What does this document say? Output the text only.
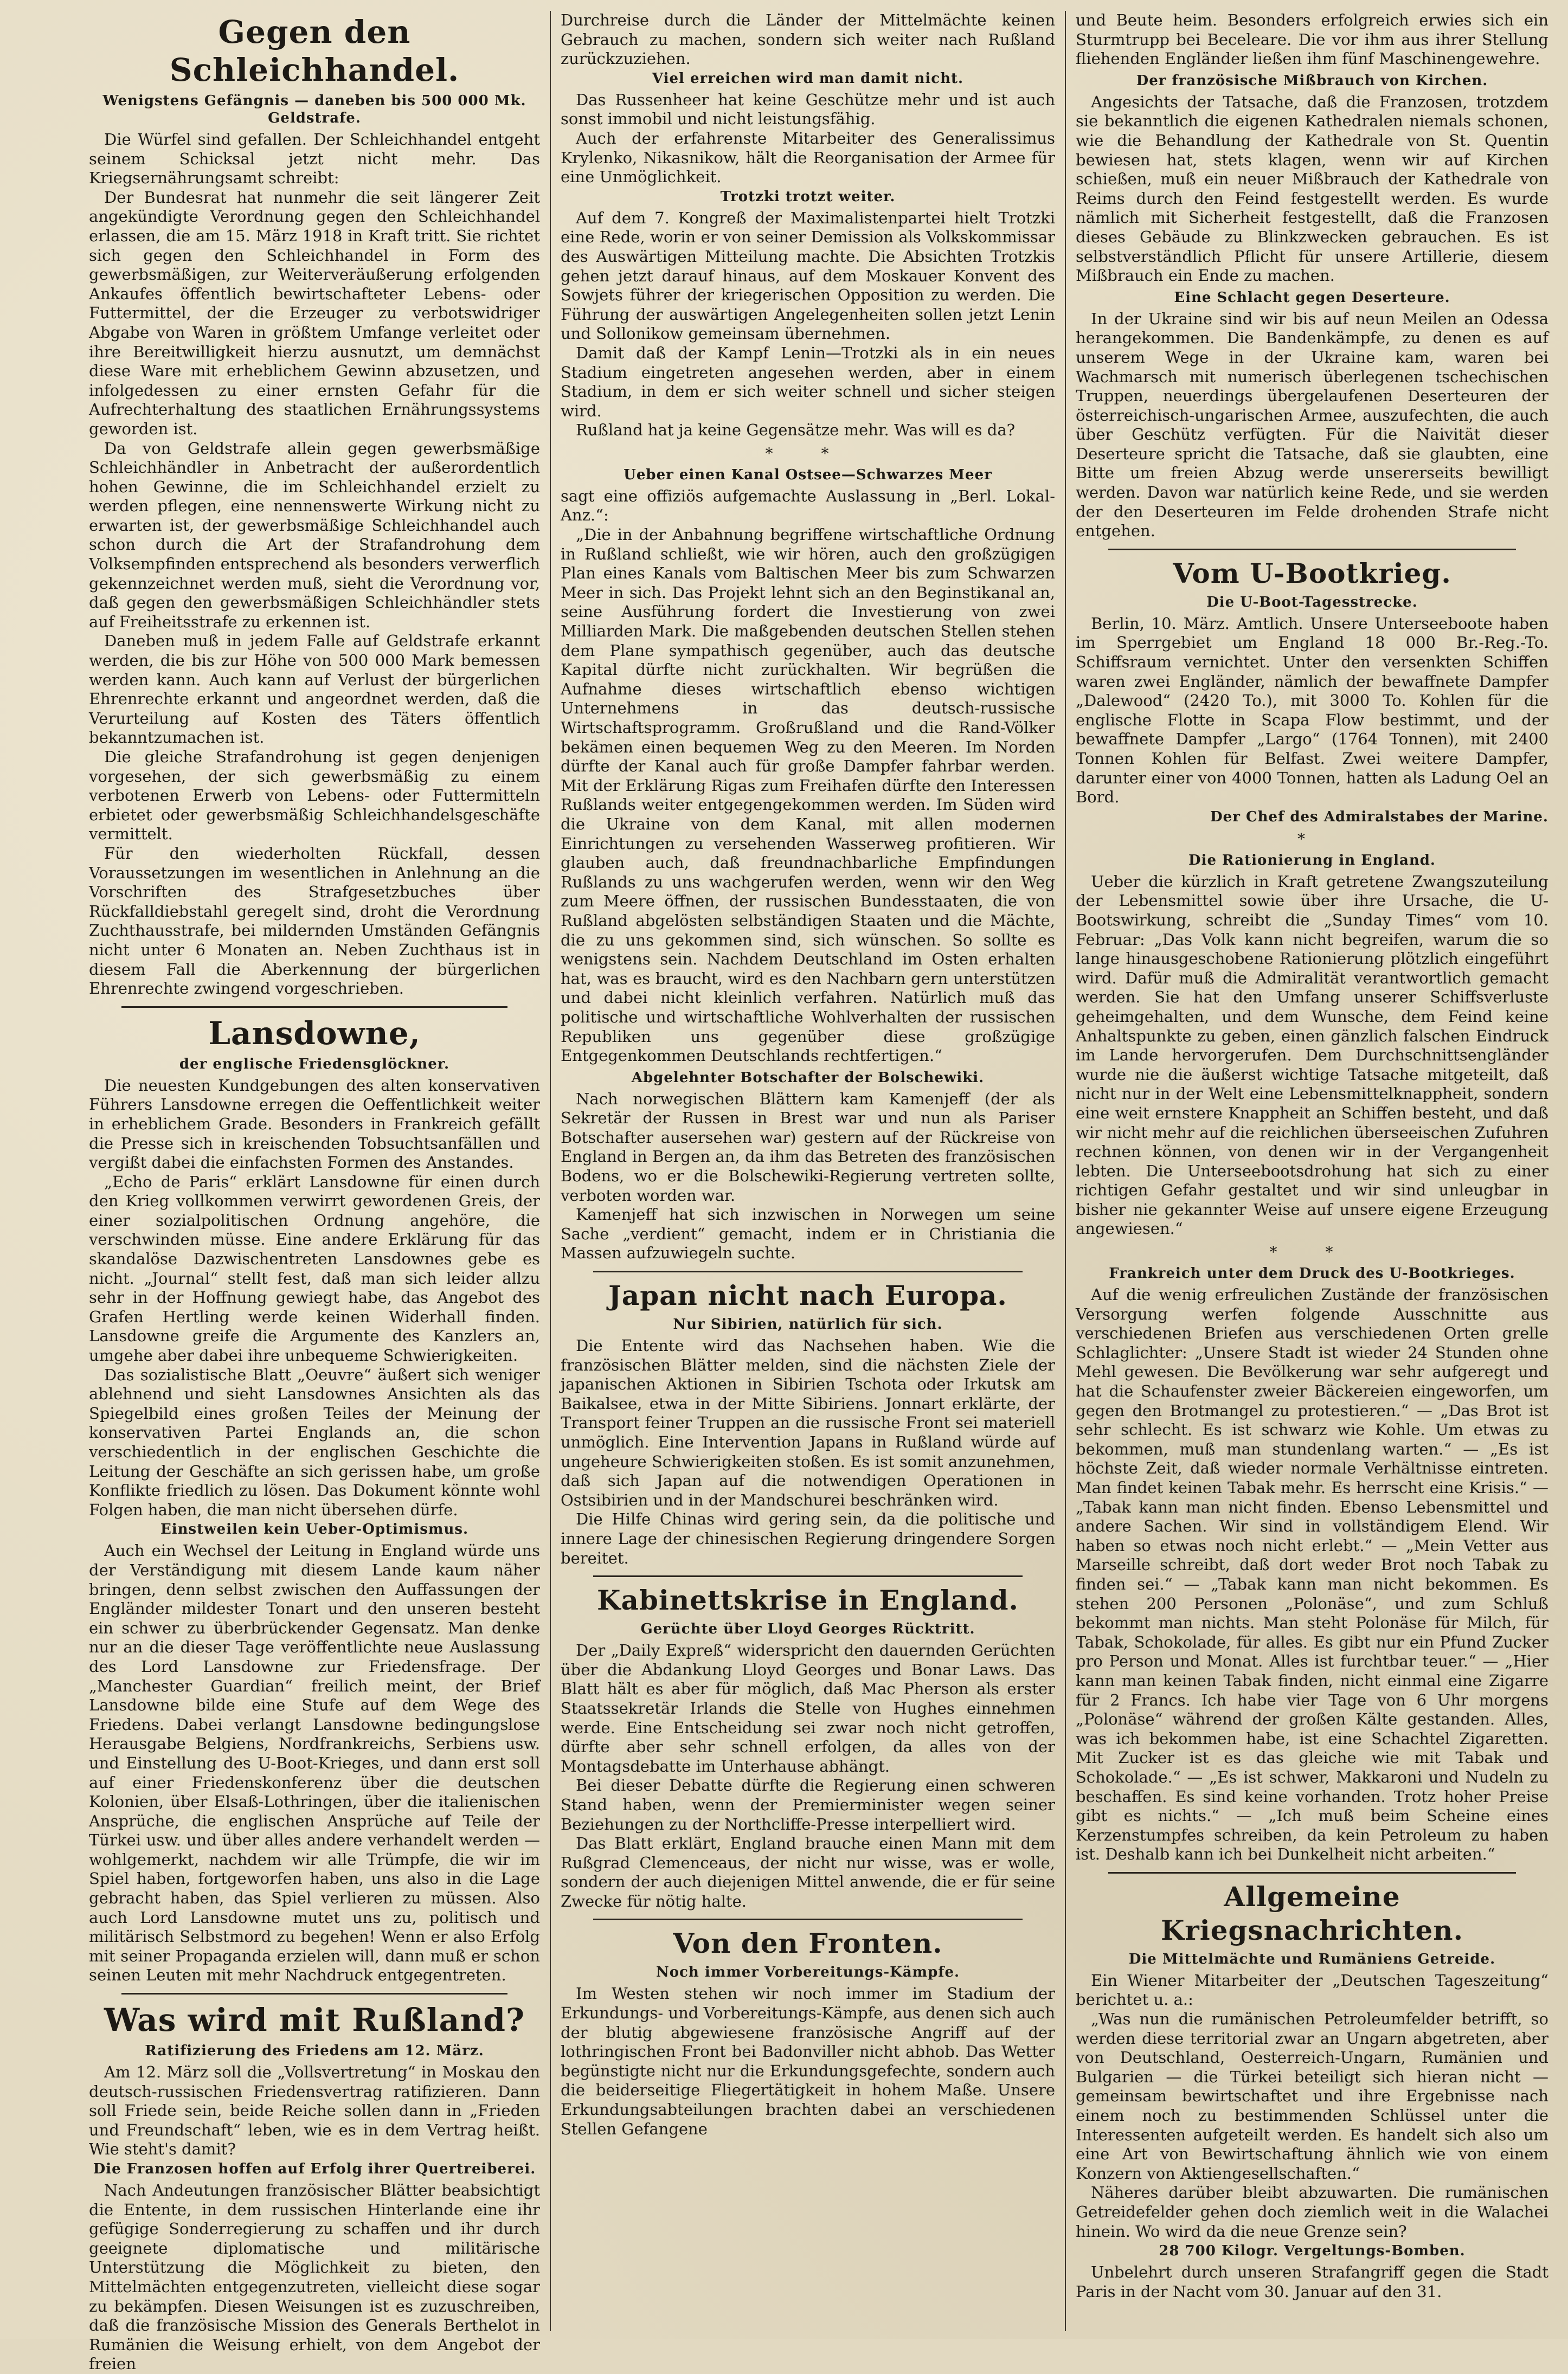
Gegen den Schleichhandel.
Wenigstens Gefängnis — daneben bis 500 000 Mk. Geldstrafe.

Die Würfel sind gefallen. Der Schleichhandel entgeht seinem Schicksal jetzt nicht mehr. Das Kriegsernährungsamt schreibt:

Der Bundesrat hat nunmehr die seit längerer Zeit angekündigte Verordnung gegen den Schleichhandel erlassen, die am 15. März 1918 in Kraft tritt. Sie richtet sich gegen den Schleichhandel in Form des gewerbsmäßigen, zur Weiterveräußerung erfolgenden Ankaufes öffentlich bewirtschafteter Lebens- oder Futtermittel, der die Erzeuger zu verbotswidriger Abgabe von Waren in größtem Umfange verleitet oder ihre Bereitwilligkeit hierzu ausnutzt, um demnächst diese Ware mit erheblichem Gewinn abzusetzen, und infolgedessen zu einer ernsten Gefahr für die Aufrechterhaltung des staatlichen Ernährungssystems geworden ist.

Da von Geldstrafe allein gegen gewerbsmäßige Schleichhändler in Anbetracht der außerordentlich hohen Gewinne, die im Schleichhandel erzielt zu werden pflegen, eine nennenswerte Wirkung nicht zu erwarten ist, der gewerbsmäßige Schleichhandel auch schon durch die Art der Strafandrohung dem Volksempfinden entsprechend als besonders verwerflich gekennzeichnet werden muß, sieht die Verordnung vor, daß gegen den gewerbsmäßigen Schleichhändler stets auf Freiheitsstrafe zu erkennen ist.

Daneben muß in jedem Falle auf Geldstrafe erkannt werden, die bis zur Höhe von 500 000 Mark bemessen werden kann. Auch kann auf Verlust der bürgerlichen Ehrenrechte erkannt und angeordnet werden, daß die Verurteilung auf Kosten des Täters öffentlich bekanntzumachen ist.

Die gleiche Strafandrohung ist gegen denjenigen vorgesehen, der sich gewerbsmäßig zu einem verbotenen Erwerb von Lebens- oder Futtermitteln erbietet oder gewerbsmäßig Schleichhandelsgeschäfte vermittelt.

Für den wiederholten Rückfall, dessen Voraussetzungen im wesentlichen in Anlehnung an die Vorschriften des Strafgesetzbuches über Rückfalldiebstahl geregelt sind, droht die Verordnung Zuchthausstrafe, bei mildernden Umständen Gefängnis nicht unter 6 Monaten an. Neben Zuchthaus ist in diesem Fall die Aberkennung der bürgerlichen Ehrenrechte zwingend vorgeschrieben.

Lansdowne,
der englische Friedensglöckner.

Die neuesten Kundgebungen des alten konservativen Führers Lansdowne erregen die Oeffentlichkeit weiter in erheblichem Grade. Besonders in Frankreich gefällt die Presse sich in kreischenden Tobsuchtsanfällen und vergißt dabei die einfachsten Formen des Anstandes.

„Echo de Paris“ erklärt Lansdowne für einen durch den Krieg vollkommen verwirrt gewordenen Greis, der einer sozialpolitischen Ordnung angehöre, die verschwinden müsse. Eine andere Erklärung für das skandalöse Dazwischentreten Lansdownes gebe es nicht. „Journal“ stellt fest, daß man sich leider allzu sehr in der Hoffnung gewiegt habe, das Angebot des Grafen Hertling werde keinen Widerhall finden. Lansdowne greife die Argumente des Kanzlers an, umgehe aber dabei ihre unbequeme Schwierigkeiten.

Das sozialistische Blatt „Oeuvre“ äußert sich weniger ablehnend und sieht Lansdownes Ansichten als das Spiegelbild eines großen Teiles der Meinung der konservativen Partei Englands an, die schon verschiedentlich in der englischen Geschichte die Leitung der Geschäfte an sich gerissen habe, um große Konflikte friedlich zu lösen. Das Dokument könnte wohl Folgen haben, die man nicht übersehen dürfe.

Einstweilen kein Ueber-Optimismus.

Auch ein Wechsel der Leitung in England würde uns der Verständigung mit diesem Lande kaum näher bringen, denn selbst zwischen den Auffassungen der Engländer mildester Tonart und den unseren besteht ein schwer zu überbrückender Gegensatz. Man denke nur an die dieser Tage veröffentlichte neue Auslassung des Lord Lansdowne zur Friedensfrage. Der „Manchester Guardian“ freilich meint, der Brief Lansdowne bilde eine Stufe auf dem Wege des Friedens. Dabei verlangt Lansdowne bedingungslose Herausgabe Belgiens, Nordfrankreichs, Serbiens usw. und Einstellung des U-Boot-Krieges, und dann erst soll auf einer Friedenskonferenz über die deutschen Kolonien, über Elsaß-Lothringen, über die italienischen Ansprüche, die englischen Ansprüche auf Teile der Türkei usw. und über alles andere verhandelt werden — wohlgemerkt, nachdem wir alle Trümpfe, die wir im Spiel haben, fortgeworfen haben, uns also in die Lage gebracht haben, das Spiel verlieren zu müssen. Also auch Lord Lansdowne mutet uns zu, politisch und militärisch Selbstmord zu begehen! Wenn er also Erfolg mit seiner Propaganda erzielen will, dann muß er schon seinen Leuten mit mehr Nachdruck entgegentreten.

Was wird mit Rußland?
Ratifizierung des Friedens am 12. März.

Am 12. März soll die „Vollsvertretung“ in Moskau den deutsch-russischen Friedensvertrag ratifizieren. Dann soll Friede sein, beide Reiche sollen dann in „Frieden und Freundschaft“ leben, wie es in dem Vertrag heißt. Wie steht's damit?

Die Franzosen hoffen auf Erfolg ihrer Quertreiberei.

Nach Andeutungen französischer Blätter beabsichtigt die Entente, in dem russischen Hinterlande eine ihr gefügige Sonderregierung zu schaffen und ihr durch geeignete diplomatische und militärische Unterstützung die Möglichkeit zu bieten, den Mittelmächten entgegenzutreten, vielleicht diese sogar zu bekämpfen. Diesen Weisungen ist es zuzuschreiben, daß die französische Mission des Generals Berthelot in Rumänien die Weisung erhielt, von dem Angebot der freien

Durchreise durch die Länder der Mittelmächte keinen Gebrauch zu machen, sondern sich weiter nach Rußland zurückzuziehen.

Viel erreichen wird man damit nicht.

Das Russenheer hat keine Geschütze mehr und ist auch sonst immobil und nicht leistungsfähig.

Auch der erfahrenste Mitarbeiter des Generalissimus Krylenko, Nikasnikow, hält die Reorganisation der Armee für eine Unmöglichkeit.

Trotzki trotzt weiter.

Auf dem 7. Kongreß der Maximalistenpartei hielt Trotzki eine Rede, worin er von seiner Demission als Volkskommissar des Auswärtigen Mitteilung machte. Die Absichten Trotzkis gehen jetzt darauf hinaus, auf dem Moskauer Konvent des Sowjets führer der kriegerischen Opposition zu werden. Die Führung der auswärtigen Angelegenheiten sollen jetzt Lenin und Sollonikow gemeinsam übernehmen.

Damit daß der Kampf Lenin—Trotzki als in ein neues Stadium eingetreten angesehen werden, aber in einem Stadium, in dem er sich weiter schnell und sicher steigen wird.

Rußland hat ja keine Gegensätze mehr. Was will es da?

* *
Ueber einen Kanal Ostsee—Schwarzes Meer

sagt eine offiziös aufgemachte Auslassung in „Berl. Lokal-Anz.“:

„Die in der Anbahnung begriffene wirtschaftliche Ordnung in Rußland schließt, wie wir hören, auch den großzügigen Plan eines Kanals vom Baltischen Meer bis zum Schwarzen Meer in sich. Das Projekt lehnt sich an den Beginstikanal an, seine Ausführung fordert die Investierung von zwei Milliarden Mark. Die maßgebenden deutschen Stellen stehen dem Plane sympathisch gegenüber, auch das deutsche Kapital dürfte nicht zurückhalten. Wir begrüßen die Aufnahme dieses wirtschaftlich ebenso wichtigen Unternehmens in das deutsch-russische Wirtschaftsprogramm. Großrußland und die Rand-Völker bekämen einen bequemen Weg zu den Meeren. Im Norden dürfte der Kanal auch für große Dampfer fahrbar werden. Mit der Erklärung Rigas zum Freihafen dürfte den Interessen Rußlands weiter entgegengekommen werden. Im Süden wird die Ukraine von dem Kanal, mit allen modernen Einrichtungen zu versehenden Wasserweg profitieren. Wir glauben auch, daß freundnachbarliche Empfindungen Rußlands zu uns wachgerufen werden, wenn wir den Weg zum Meere öffnen, der russischen Bundesstaaten, die von Rußland abgelösten selbständigen Staaten und die Mächte, die zu uns gekommen sind, sich wünschen. So sollte es wenigstens sein. Nachdem Deutschland im Osten erhalten hat, was es braucht, wird es den Nachbarn gern unterstützen und dabei nicht kleinlich verfahren. Natürlich muß das politische und wirtschaftliche Wohlverhalten der russischen Republiken uns gegenüber diese großzügige Entgegenkommen Deutschlands rechtfertigen.“

Abgelehnter Botschafter der Bolschewiki.

Nach norwegischen Blättern kam Kamenjeff (der als Sekretär der Russen in Brest war und nun als Pariser Botschafter ausersehen war) gestern auf der Rückreise von England in Bergen an, da ihm das Betreten des französischen Bodens, wo er die Bolschewiki-Regierung vertreten sollte, verboten worden war.

Kamenjeff hat sich inzwischen in Norwegen um seine Sache „verdient“ gemacht, indem er in Christiania die Massen aufzuwiegeln suchte.

Japan nicht nach Europa.
Nur Sibirien, natürlich für sich.

Die Entente wird das Nachsehen haben. Wie die französischen Blätter melden, sind die nächsten Ziele der japanischen Aktionen in Sibirien Tschota oder Irkutsk am Baikalsee, etwa in der Mitte Sibiriens. Jonnart erklärte, der Transport feiner Truppen an die russische Front sei materiell unmöglich. Eine Intervention Japans in Rußland würde auf ungeheure Schwierigkeiten stoßen. Es ist somit anzunehmen, daß sich Japan auf die notwendigen Operationen in Ostsibirien und in der Mandschurei beschränken wird.

Die Hilfe Chinas wird gering sein, da die politische und innere Lage der chinesischen Regierung dringendere Sorgen bereitet.

Kabinettskrise in England.
Gerüchte über Lloyd Georges Rücktritt.

Der „Daily Expreß“ widerspricht den dauernden Gerüchten über die Abdankung Lloyd Georges und Bonar Laws. Das Blatt hält es aber für möglich, daß Mac Pherson als erster Staatssekretär Irlands die Stelle von Hughes einnehmen werde. Eine Entscheidung sei zwar noch nicht getroffen, dürfte aber sehr schnell erfolgen, da alles von der Montagsdebatte im Unterhause abhängt.

Bei dieser Debatte dürfte die Regierung einen schweren Stand haben, wenn der Premierminister wegen seiner Beziehungen zu der Northcliffe-Presse interpelliert wird.

Das Blatt erklärt, England brauche einen Mann mit dem Rußgrad Clemenceaus, der nicht nur wisse, was er wolle, sondern der auch diejenigen Mittel anwende, die er für seine Zwecke für nötig halte.

Von den Fronten.
Noch immer Vorbereitungs-Kämpfe.

Im Westen stehen wir noch immer im Stadium der Erkundungs- und Vorbereitungs-Kämpfe, aus denen sich auch der blutig abgewiesene französische Angriff auf der lothringischen Front bei Badonviller nicht abhob. Das Wetter begünstigte nicht nur die Erkundungsgefechte, sondern auch die beiderseitige Fliegertätigkeit in hohem Maße. Unsere Erkundungsabteilungen brachten dabei an verschiedenen Stellen Gefangene

und Beute heim. Besonders erfolgreich erwies sich ein Sturmtrupp bei Beceleare. Die vor ihm aus ihrer Stellung fliehenden Engländer ließen ihm fünf Maschinengewehre.

Der französische Mißbrauch von Kirchen.

Angesichts der Tatsache, daß die Franzosen, trotzdem sie bekanntlich die eigenen Kathedralen niemals schonen, wie die Behandlung der Kathedrale von St. Quentin bewiesen hat, stets klagen, wenn wir auf Kirchen schießen, muß ein neuer Mißbrauch der Kathedrale von Reims durch den Feind festgestellt werden. Es wurde nämlich mit Sicherheit festgestellt, daß die Franzosen dieses Gebäude zu Blinkzwecken gebrauchen. Es ist selbstverständlich Pflicht für unsere Artillerie, diesem Mißbrauch ein Ende zu machen.

Eine Schlacht gegen Deserteure.

In der Ukraine sind wir bis auf neun Meilen an Odessa herangekommen. Die Bandenkämpfe, zu denen es auf unserem Wege in der Ukraine kam, waren bei Wachmarsch mit numerisch überlegenen tschechischen Truppen, neuerdings übergelaufenen Deserteuren der österreichisch-ungarischen Armee, auszufechten, die auch über Geschütz verfügten. Für die Naivität dieser Deserteure spricht die Tatsache, daß sie glaubten, eine Bitte um freien Abzug werde unsererseits bewilligt werden. Davon war natürlich keine Rede, und sie werden der den Deserteuren im Felde drohenden Strafe nicht entgehen.

Vom U-Bootkrieg.
Die U-Boot-Tagesstrecke.

Berlin, 10. März. Amtlich. Unsere Unterseeboote haben im Sperrgebiet um England 18 000 Br.-Reg.-To. Schiffsraum vernichtet. Unter den versenkten Schiffen waren zwei Engländer, nämlich der bewaffnete Dampfer „Dalewood“ (2420 To.), mit 3000 To. Kohlen für die englische Flotte in Scapa Flow bestimmt, und der bewaffnete Dampfer „Largo“ (1764 Tonnen), mit 2400 Tonnen Kohlen für Belfast. Zwei weitere Dampfer, darunter einer von 4000 Tonnen, hatten als Ladung Oel an Bord.

Der Chef des Admiralstabes der Marine.
*
Die Rationierung in England.

Ueber die kürzlich in Kraft getretene Zwangszuteilung der Lebensmittel sowie über ihre Ursache, die U-Bootswirkung, schreibt die „Sunday Times“ vom 10. Februar: „Das Volk kann nicht begreifen, warum die so lange hinausgeschobene Rationierung plötzlich eingeführt wird. Dafür muß die Admiralität verantwortlich gemacht werden. Sie hat den Umfang unserer Schiffsverluste geheimgehalten, und dem Wunsche, dem Feind keine Anhaltspunkte zu geben, einen gänzlich falschen Eindruck im Lande hervorgerufen. Dem Durchschnittsengländer wurde nie die äußerst wichtige Tatsache mitgeteilt, daß nicht nur in der Welt eine Lebensmittelknappheit, sondern eine weit ernstere Knappheit an Schiffen besteht, und daß wir nicht mehr auf die reichlichen überseeischen Zufuhren rechnen können, von denen wir in der Vergangenheit lebten. Die Unterseebootsdrohung hat sich zu einer richtigen Gefahr gestaltet und wir sind unleugbar in bisher nie gekannter Weise auf unsere eigene Erzeugung angewiesen.“

* *
Frankreich unter dem Druck des U-Bootkrieges.

Auf die wenig erfreulichen Zustände der französischen Versorgung werfen folgende Ausschnitte aus verschiedenen Briefen aus verschiedenen Orten grelle Schlaglichter: „Unsere Stadt ist wieder 24 Stunden ohne Mehl gewesen. Die Bevölkerung war sehr aufgeregt und hat die Schaufenster zweier Bäckereien eingeworfen, um gegen den Brotmangel zu protestieren.“ — „Das Brot ist sehr schlecht. Es ist schwarz wie Kohle. Um etwas zu bekommen, muß man stundenlang warten.“ — „Es ist höchste Zeit, daß wieder normale Verhältnisse eintreten. Man findet keinen Tabak mehr. Es herrscht eine Krisis.“ — „Tabak kann man nicht finden. Ebenso Lebensmittel und andere Sachen. Wir sind in vollständigem Elend. Wir haben so etwas noch nicht erlebt.“ — „Mein Vetter aus Marseille schreibt, daß dort weder Brot noch Tabak zu finden sei.“ — „Tabak kann man nicht bekommen. Es stehen 200 Personen „Polonäse“, und zum Schluß bekommt man nichts. Man steht Polonäse für Milch, für Tabak, Schokolade, für alles. Es gibt nur ein Pfund Zucker pro Person und Monat. Alles ist furchtbar teuer.“ — „Hier kann man keinen Tabak finden, nicht einmal eine Zigarre für 2 Francs. Ich habe vier Tage von 6 Uhr morgens „Polonäse“ während der großen Kälte gestanden. Alles, was ich bekommen habe, ist eine Schachtel Zigaretten. Mit Zucker ist es das gleiche wie mit Tabak und Schokolade.“ — „Es ist schwer, Makkaroni und Nudeln zu beschaffen. Es sind keine vorhanden. Trotz hoher Preise gibt es nichts.“ — „Ich muß beim Scheine eines Kerzenstumpfes schreiben, da kein Petroleum zu haben ist. Deshalb kann ich bei Dunkelheit nicht arbeiten.“

Allgemeine Kriegsnachrichten.
Die Mittelmächte und Rumäniens Getreide.

Ein Wiener Mitarbeiter der „Deutschen Tageszeitung“ berichtet u. a.:

„Was nun die rumänischen Petroleumfelder betrifft, so werden diese territorial zwar an Ungarn abgetreten, aber von Deutschland, Oesterreich-Ungarn, Rumänien und Bulgarien — die Türkei beteiligt sich hieran nicht — gemeinsam bewirtschaftet und ihre Ergebnisse nach einem noch zu bestimmenden Schlüssel unter die Interessenten aufgeteilt werden. Es handelt sich also um eine Art von Bewirtschaftung ähnlich wie von einem Konzern von Aktiengesellschaften.“

Näheres darüber bleibt abzuwarten. Die rumänischen Getreidefelder gehen doch ziemlich weit in die Walachei hinein. Wo wird da die neue Grenze sein?

28 700 Kilogr. Vergeltungs-Bomben.

Unbelehrt durch unseren Strafangriff gegen die Stadt Paris in der Nacht vom 30. Januar auf den 31.
